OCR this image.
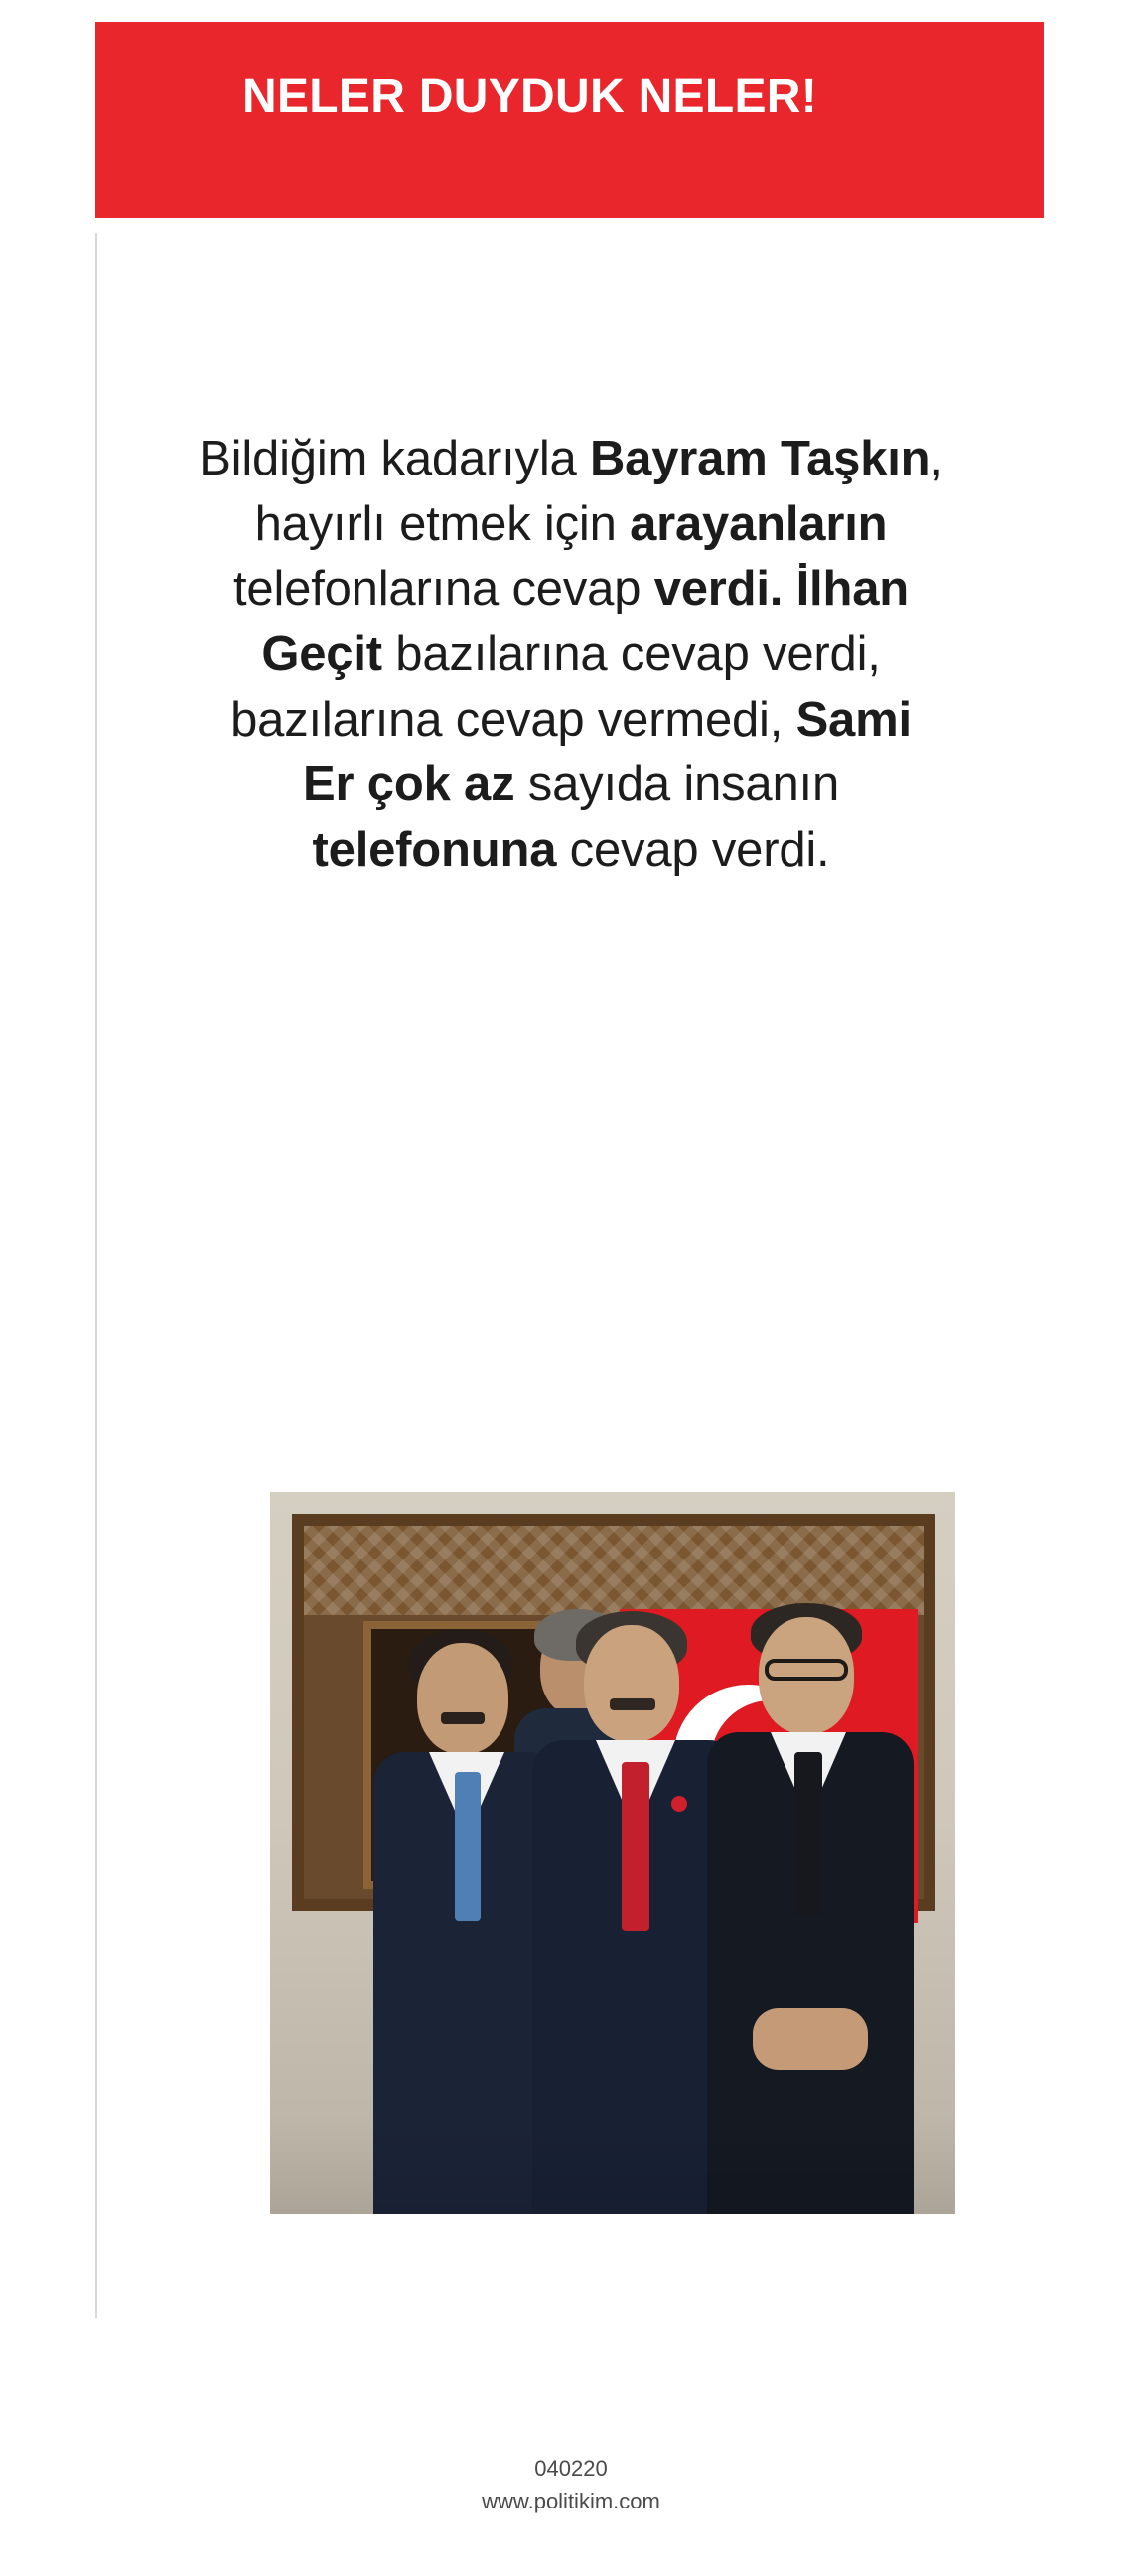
NELER DUYDUK NELER!
Bildiğim kadarıyla Bayram Taşkın, hayırlı etmek için arayanların telefonlarına cevap verdi. İlhan Geçit bazılarına cevap verdi, bazılarına cevap vermedi, Sami Er çok az sayıda insanın telefonuna cevap verdi.
040220
www.politikim.com
